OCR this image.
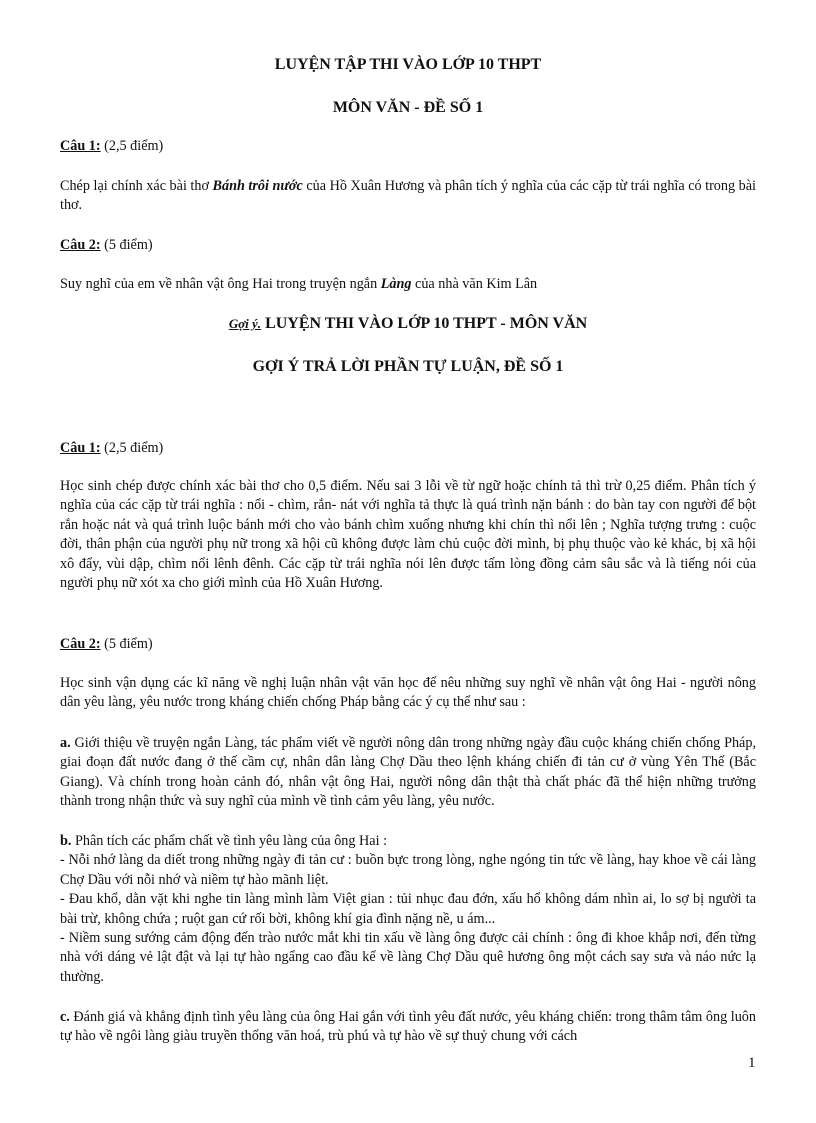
LUYỆN TẬP THI VÀO LỚP 10 THPT
MÔN VĂN - ĐỀ SỐ 1
Câu 1: (2,5 điểm)
Chép lại chính xác bài thơ Bánh trôi nước của Hồ Xuân Hương và phân tích ý nghĩa của các cặp từ trái nghĩa có trong bài thơ.
Câu 2: (5 điểm)
Suy nghĩ của em về nhân vật ông Hai trong truyện ngắn Làng của nhà văn Kim Lân
Gợi ý. LUYỆN THI VÀO LỚP 10 THPT - MÔN VĂN
GỢI Ý TRẢ LỜI PHẦN TỰ LUẬN, ĐỀ SỐ 1
Câu 1: (2,5 điểm)
Học sinh chép được chính xác bài thơ cho 0,5 điểm. Nếu sai 3 lỗi về từ ngữ hoặc chính tả thì trừ 0,25 điểm. Phân tích ý nghĩa của các cặp từ trái nghĩa : nổi - chìm, rắn- nát với nghĩa tả thực là quá trình nặn bánh : do bàn tay con người để bột rắn hoặc nát và quá trình luộc bánh mới cho vào bánh chìm xuống nhưng khi chín thì nổi lên ; Nghĩa tượng trưng : cuộc đời, thân phận của người phụ nữ trong xã hội cũ không được làm chủ cuộc đời mình, bị phụ thuộc vào kẻ khác, bị xã hội xô đẩy, vùi dập, chìm nổi lênh đênh. Các cặp từ trái nghĩa nói lên được tấm lòng đồng cảm sâu sắc và là tiếng nói của người phụ nữ xót xa cho giới mình của Hồ Xuân Hương.
Câu 2: (5 điểm)
Học sinh vận dụng các kĩ năng về nghị luận nhân vật văn học để nêu những suy nghĩ về nhân vật ông Hai - người nông dân yêu làng, yêu nước trong kháng chiến chống Pháp bằng các ý cụ thể như sau :
a. Giới thiệu về truyện ngắn Làng, tác phẩm viết về người nông dân trong những ngày đầu cuộc kháng chiến chống Pháp, giai đoạn đất nước đang ở thế cầm cự, nhân dân làng Chợ Dầu theo lệnh kháng chiến đi tản cư ở vùng Yên Thế (Bắc Giang). Và chính trong hoàn cảnh đó, nhân vật ông Hai, người nông dân thật thà chất phác đã thể hiện những trưởng thành trong nhận thức và suy nghĩ của mình về tình cảm yêu làng, yêu nước.
b. Phân tích các phẩm chất về tình yêu làng của ông Hai :
- Nỗi nhớ làng da diết trong những ngày đi tản cư : buồn bực trong lòng, nghe ngóng tin tức về làng, hay khoe về cái làng Chợ Dầu với nỗi nhớ và niềm tự hào mãnh liệt.
- Đau khổ, dằn vặt khi nghe tin làng mình làm Việt gian : tủi nhục đau đớn, xấu hổ không dám nhìn ai, lo sợ bị người ta bài trừ, không chứa ; ruột gan cứ rối bời, không khí gia đình nặng nề, u ám...
- Niềm sung sướng cảm động đến trào nước mắt khi tin xấu về làng ông được cải chính : ông đi khoe khắp nơi, đến từng nhà với dáng vẻ lật đật và lại tự hào ngẩng cao đầu kể về làng Chợ Dầu quê hương ông một cách say sưa và náo nức lạ thường.
c. Đánh giá và khẳng định tình yêu làng của ông Hai gắn với tình yêu đất nước, yêu kháng chiến: trong thâm tâm ông luôn tự hào về ngôi làng giàu truyền thống văn hoá, trù phú và tự hào về sự thuỷ chung với cách
1
